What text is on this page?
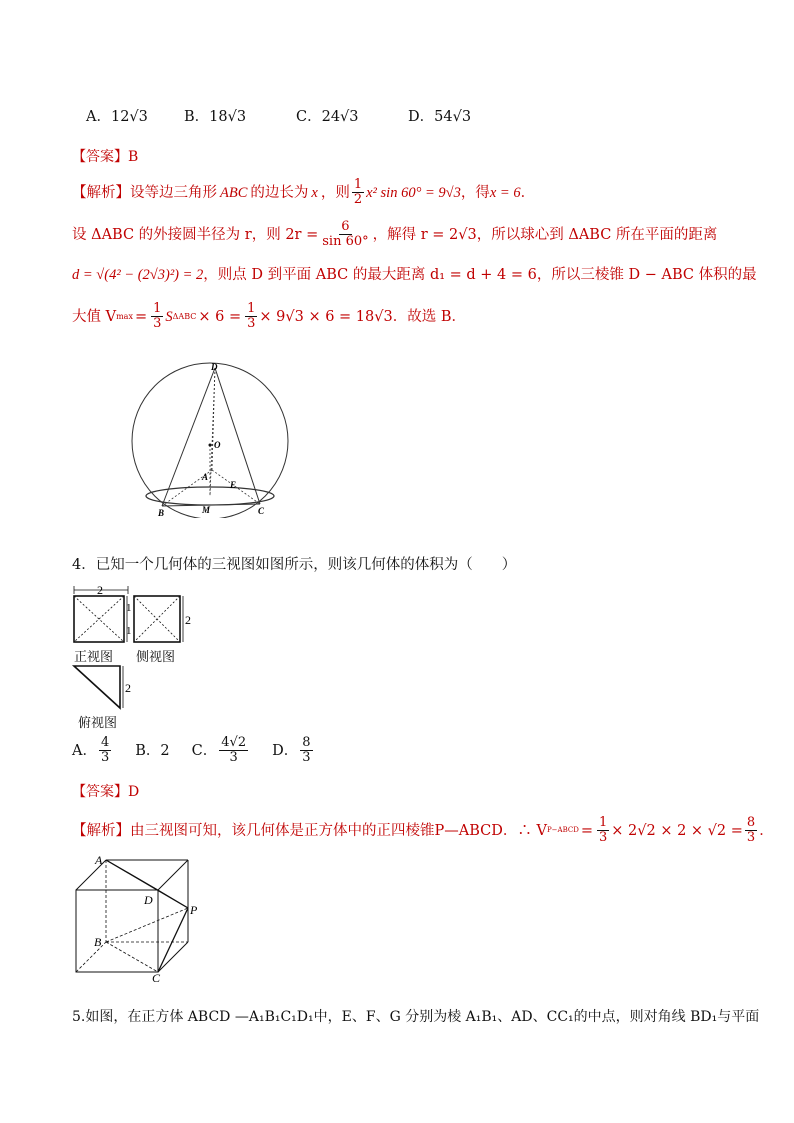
A．12√3 B．18√3	C．24√3	D．54√3
【答案】B
【解析】 设等边三角形 ABC 的边长为 x ，则 $\frac{1}{2} x^2$ sin 60° = 9√3 ，得 x = 6 ．
设 ΔABC 的外接圆半径为 r，则 $2r = \frac{6}{\sin 60^\circ}$ ，解得 r = 2√3，所以球心到 ΔABC 所在平面的距离
d = √(4² − (2√3)²) = 2 ，则点 D 到平面 ABC 的最大距离 d₁ = d + 4 = 6，所以三棱锥 D − ABC 体积的最
大值 V $\max = \frac{1}{3}$ S $\Delta ABC \times 6 = \frac{1}{3} \times 9√3 \times 6 = 18√3$ ．故选 B．
D
O
A
E
B	M	C
4．已知一个几何体的三视图如图所示，则该几何体的体积为（　　）
2
1
1
2
2
正视图 侧视图
俯视图
A． $\frac{4}{3}$ B．2 C． $\frac{4√2}{3}$ D． $\frac{8}{3}$
【答案】D
【解析】 由三视图可知，该几何体是正方体中的正四棱锥P—ABCD．∴ V P−ABCD = $\frac{1}{3} \times 2√2 \times 2 \times √2 = \frac{8}{3}$ ．
A
D
P
B
C
5.如图，在正方体 ABCD —A₁B₁C₁D₁中，E、F、G 分别为棱 A₁B₁、AD、CC₁的中点，则对角线 BD₁与平面
